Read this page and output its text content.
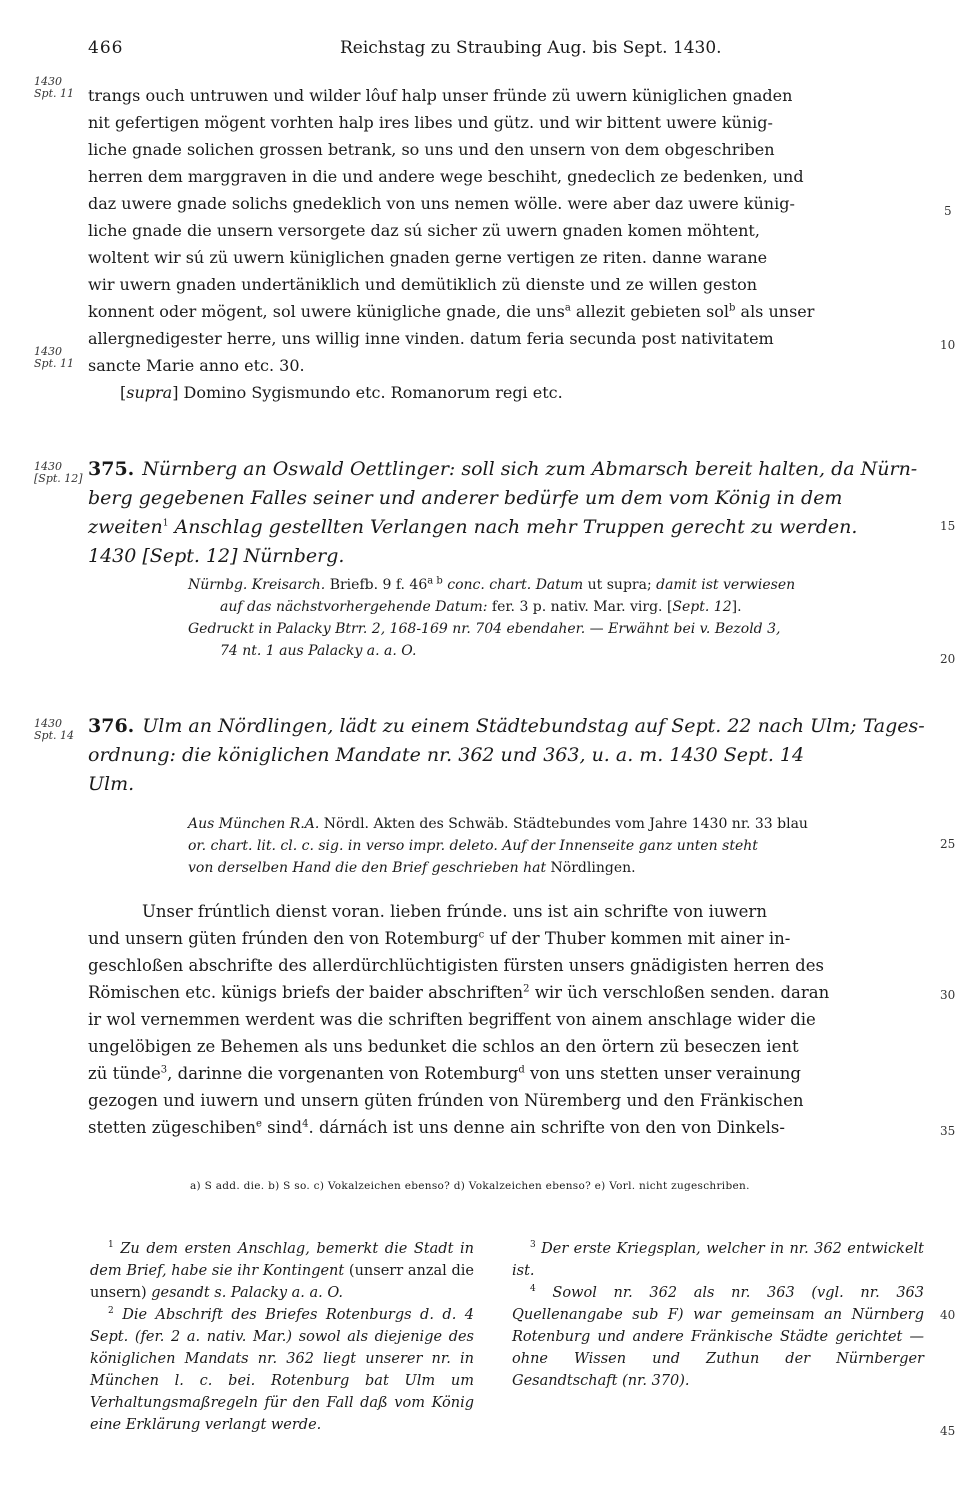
466	Reichstag zu Straubing Aug. bis Sept. 1430.
1430
Spt. 11
1430
Spt. 11
1430
[Spt. 12]
1430
Spt. 14
5
10
15
20
25
30
35
40
45
trangs ouch untruwen und wilder lôuf halp unser fründe zü uwern küniglichen gnaden
nit gefertigen mögent vorhten halp ires libes und gütz. und wir bittent uwere künig-
liche gnade solichen grossen betrank, so uns und den unsern von dem obgeschriben
herren dem marggraven in die und andere wege beschiht, gnedeclich ze bedenken, und
daz uwere gnade solichs gnedeklich von uns nemen wölle. were aber daz uwere künig-
liche gnade die unsern versorgete daz sú sicher zü uwern gnaden komen möhtent,
woltent wir sú zü uwern küniglichen gnaden gerne vertigen ze riten. danne warane
wir uwern gnaden undertänіklich und demütiklich zü dienste und ze willen geston
konnent oder mögent, sol uwere küniglіche gnade, die uns$^a$ allezit gebieten sol$^b$ als unser
allergnedigester herre, uns willig inne vinden. datum feria secunda post nativitatem
sancte Marie anno etc. 30.
[supra] Domino Sygismundo etc. Romanorum regi etc.
375. Nürnberg an Oswald Oettlinger: soll sich zum Abmarsch bereit halten, da Nürn-
berg gegebenen Falles seiner und anderer bedürfe um dem vom König in dem
zweiten$^1$ Anschlag gestellten Verlangen nach mehr Truppen gerecht zu werden.
1430 [Sept. 12] Nürnberg.
Nürnbg. Kreisarch. Briefb. 9 f. $46^{a b}$ conc. chart. Datum ut supra; damit ist verwiesen
auf das nächstvorhergehende Datum: fer. 3 p. nativ. Mar. virg. [Sept. 12].
Gedruckt in Palacky Btrr. 2, 168-169 nr. 704 ebendaher. — Erwähnt bei v. Bezold 3,
74 nt. 1 aus Palacky a. a. O.
376. Ulm an Nördlingen, lädt zu einem Städtebundstag auf Sept. 22 nach Ulm; Tages-
ordnung: die königlichen Mandate nr. 362 und 363, u. a. m. 1430 Sept. 14
Ulm.
Aus München R.A. Nördl. Akten des Schwäb. Städtebundes vom Jahre 1430 nr. 33 blau
or. chart. lit. cl. c. sig. in verso impr. deleto. Auf der Innenseite ganz unten steht
von derselben Hand die den Brief geschrieben hat Nördlingen.
Unser frúntlich dienst voran. lieben frúnde. uns ist ain schrifte von iuwern
und unsern güten frúnden den von Rotemburg$^c$ uf der Thuber kommen mit ainer in-
geschloßen abschrifte des allerdürchlüchtigisten fürsten unsers gnädigisten herren des
Römischen etc. künigs briefs der baider abschriften$^2$ wir üch verschloßen senden. daran
ir wol vernemmen werdent was die schriften begriffent von ainem anschlage wider die
ungelöbigen ze Behemen als uns bedunket die schlos an den örtern zü beseczen ient
zü tünde$^3$, darinne die vorgenanten von Rotemburg$^d$ von uns stetten unser verainung
gezogen und iuwern und unsern güten frúnden von Nüremberg und den Fränkischen
stetten zügeschiben$^e$ sind$^4$. dárnách ist uns denne ain schrifte von den von Dinkels-
a) S add. die. b) S so. c) Vokalzeichen ebenso? d) Vokalzeichen ebenso? e) Vorl. nicht zugeschriben.

$^1$ Zu dem ersten Anschlag, bemerkt die Stadt in dem Brief, habe sie ihr Kontingent (unserr anzal die unsern) gesandt s. Palacky a. a. O.

$^2$ Die Abschrift des Briefes Rotenburgs d. d. 4 Sept. (fer. 2 a. nativ. Mar.) sowol als diejenige des königlichen Mandats nr. 362 liegt unserer nr. in München l. c. bei. Rotenburg bat Ulm um Verhaltungsmaßregeln für den Fall daß vom König eine Erklärung verlangt werde.

$^3$ Der erste Kriegsplan, welcher in nr. 362 entwickelt ist.

$^4$ Sowol nr. 362 als nr. 363 (vgl. nr. 363 Quellenangabe sub F) war gemeinsam an Nürnberg Rotenburg und andere Fränkische Städte gerichtet — ohne Wissen und Zuthun der Nürnberger Gesandtschaft (nr. 370).
